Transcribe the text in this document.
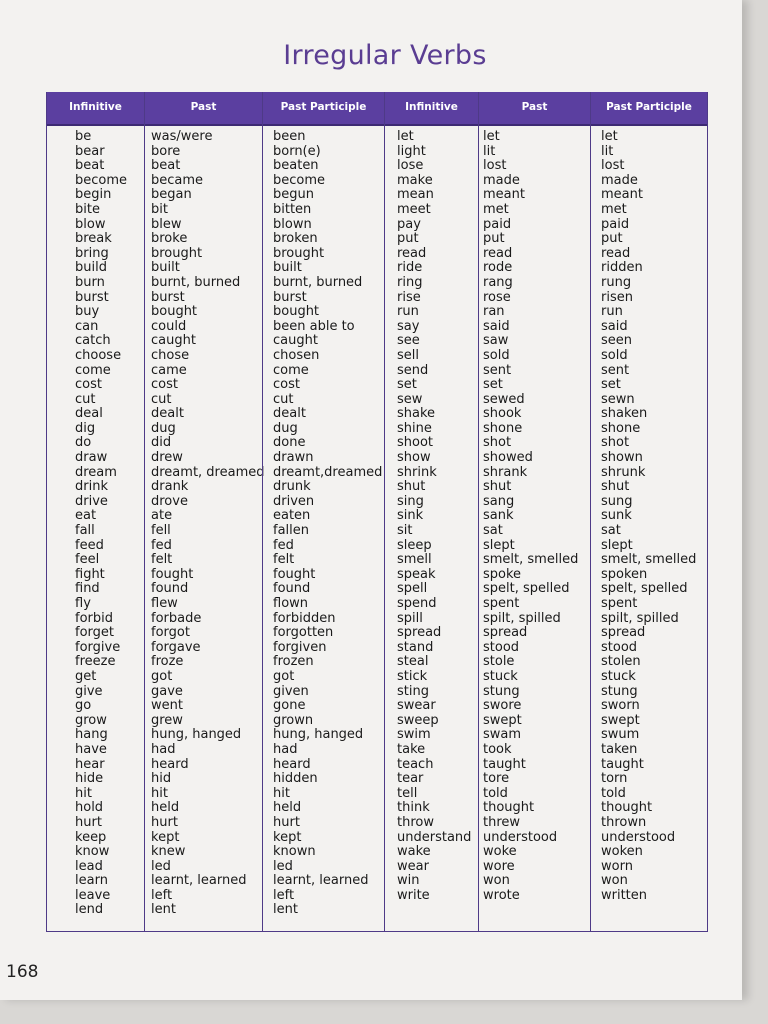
Irregular Verbs
Infinitive
be
bear
beat
become
begin
bite
blow
break
bring
build
burn
burst
buy
can
catch
choose
come
cost
cut
deal
dig
do
draw
dream
drink
drive
eat
fall
feed
feel
fight
find
fly
forbid
forget
forgive
freeze
get
give
go
grow
hang
have
hear
hide
hit
hold
hurt
keep
know
lead
learn
leave
lend
Past
was/were
bore
beat
became
began
bit
blew
broke
brought
built
burnt, burned
burst
bought
could
caught
chose
came
cost
cut
dealt
dug
did
drew
dreamt, dreamed
drank
drove
ate
fell
fed
felt
fought
found
flew
forbade
forgot
forgave
froze
got
gave
went
grew
hung, hanged
had
heard
hid
hit
held
hurt
kept
knew
led
learnt, learned
left
lent
Past Participle
been
born(e)
beaten
become
begun
bitten
blown
broken
brought
built
burnt, burned
burst
bought
been able to
caught
chosen
come
cost
cut
dealt
dug
done
drawn
dreamt,dreamed
drunk
driven
eaten
fallen
fed
felt
fought
found
flown
forbidden
forgotten
forgiven
frozen
got
given
gone
grown
hung, hanged
had
heard
hidden
hit
held
hurt
kept
known
led
learnt, learned
left
lent
Infinitive
let
light
lose
make
mean
meet
pay
put
read
ride
ring
rise
run
say
see
sell
send
set
sew
shake
shine
shoot
show
shrink
shut
sing
sink
sit
sleep
smell
speak
spell
spend
spill
spread
stand
steal
stick
sting
swear
sweep
swim
take
teach
tear
tell
think
throw
understand
wake
wear
win
write
Past
let
lit
lost
made
meant
met
paid
put
read
rode
rang
rose
ran
said
saw
sold
sent
set
sewed
shook
shone
shot
showed
shrank
shut
sang
sank
sat
slept
smelt, smelled
spoke
spelt, spelled
spent
spilt, spilled
spread
stood
stole
stuck
stung
swore
swept
swam
took
taught
tore
told
thought
threw
understood
woke
wore
won
wrote
Past Participle
let
lit
lost
made
meant
met
paid
put
read
ridden
rung
risen
run
said
seen
sold
sent
set
sewn
shaken
shone
shot
shown
shrunk
shut
sung
sunk
sat
slept
smelt, smelled
spoken
spelt, spelled
spent
spilt, spilled
spread
stood
stolen
stuck
stung
sworn
swept
swum
taken
taught
torn
told
thought
thrown
understood
woken
worn
won
written
168
